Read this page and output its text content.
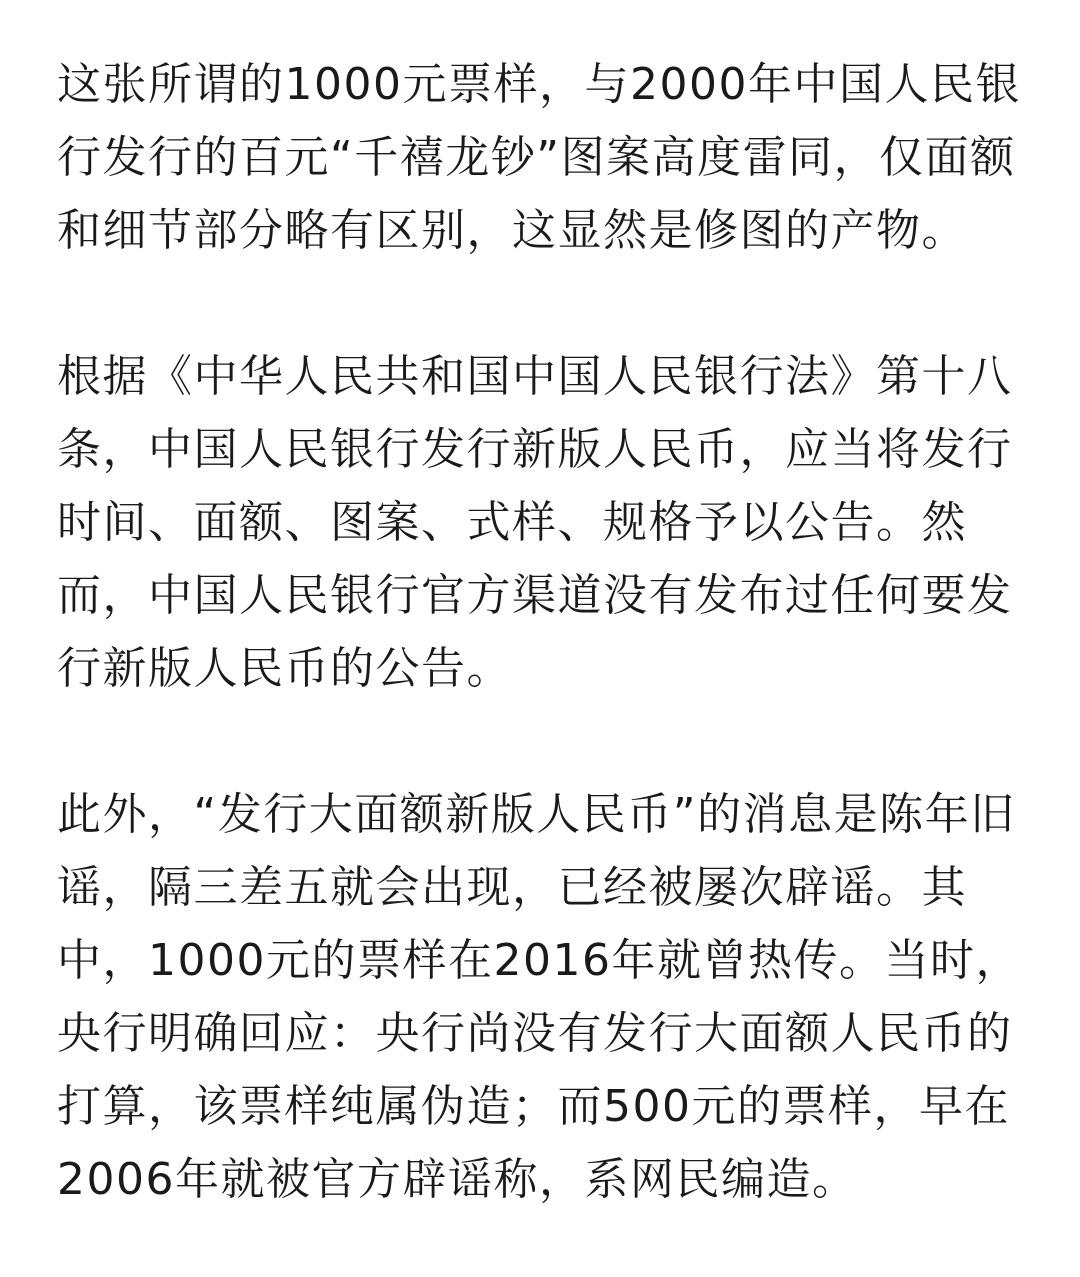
这张所谓的1000元票样，与2000年中国人民银
行发行的百元“千禧龙钞”图案高度雷同，仅面额
和细节部分略有区别，这显然是修图的产物。

根据《中华人民共和国中国人民银行法》第十八
条，中国人民银行发行新版人民币，应当将发行
时间、面额、图案、式样、规格予以公告。然
而，中国人民银行官方渠道没有发布过任何要发
行新版人民币的公告。

此外，“发行大面额新版人民币”的消息是陈年旧
谣，隔三差五就会出现，已经被屡次辟谣。其
中，1000元的票样在2016年就曾热传。当时，
央行明确回应：央行尚没有发行大面额人民币的
打算，该票样纯属伪造；而500元的票样，早在
2006年就被官方辟谣称，系网民编造。
